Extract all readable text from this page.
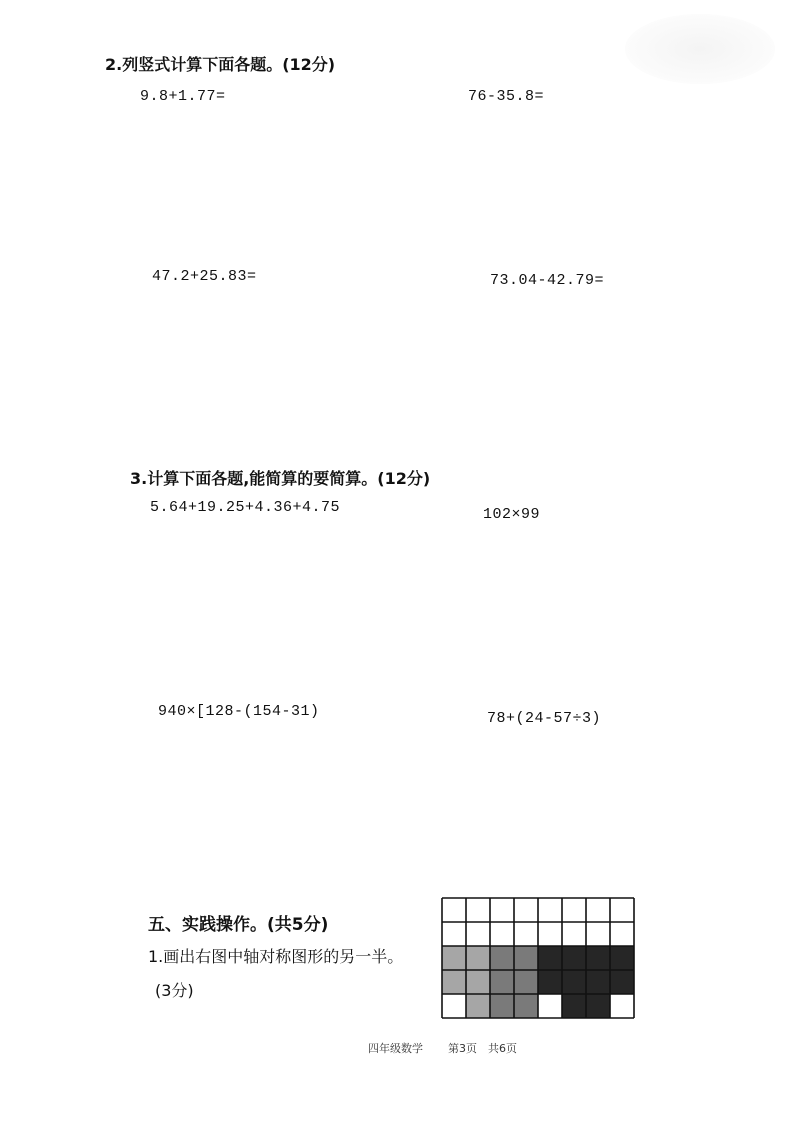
2.列竖式计算下面各题。(12分)
9.8+1.77=	76-35.8=
47.2+25.83=	73.04-42.79=
3.计算下面各题,能简算的要简算。(12分)
5.64+19.25+4.36+4.75	102×99
940×[128-(154-31)	78+(24-57÷3)
五、实践操作。(共5分)
1.画出右图中轴对称图形的另一半。
(3分)
四年级数学 第3页 共6页
